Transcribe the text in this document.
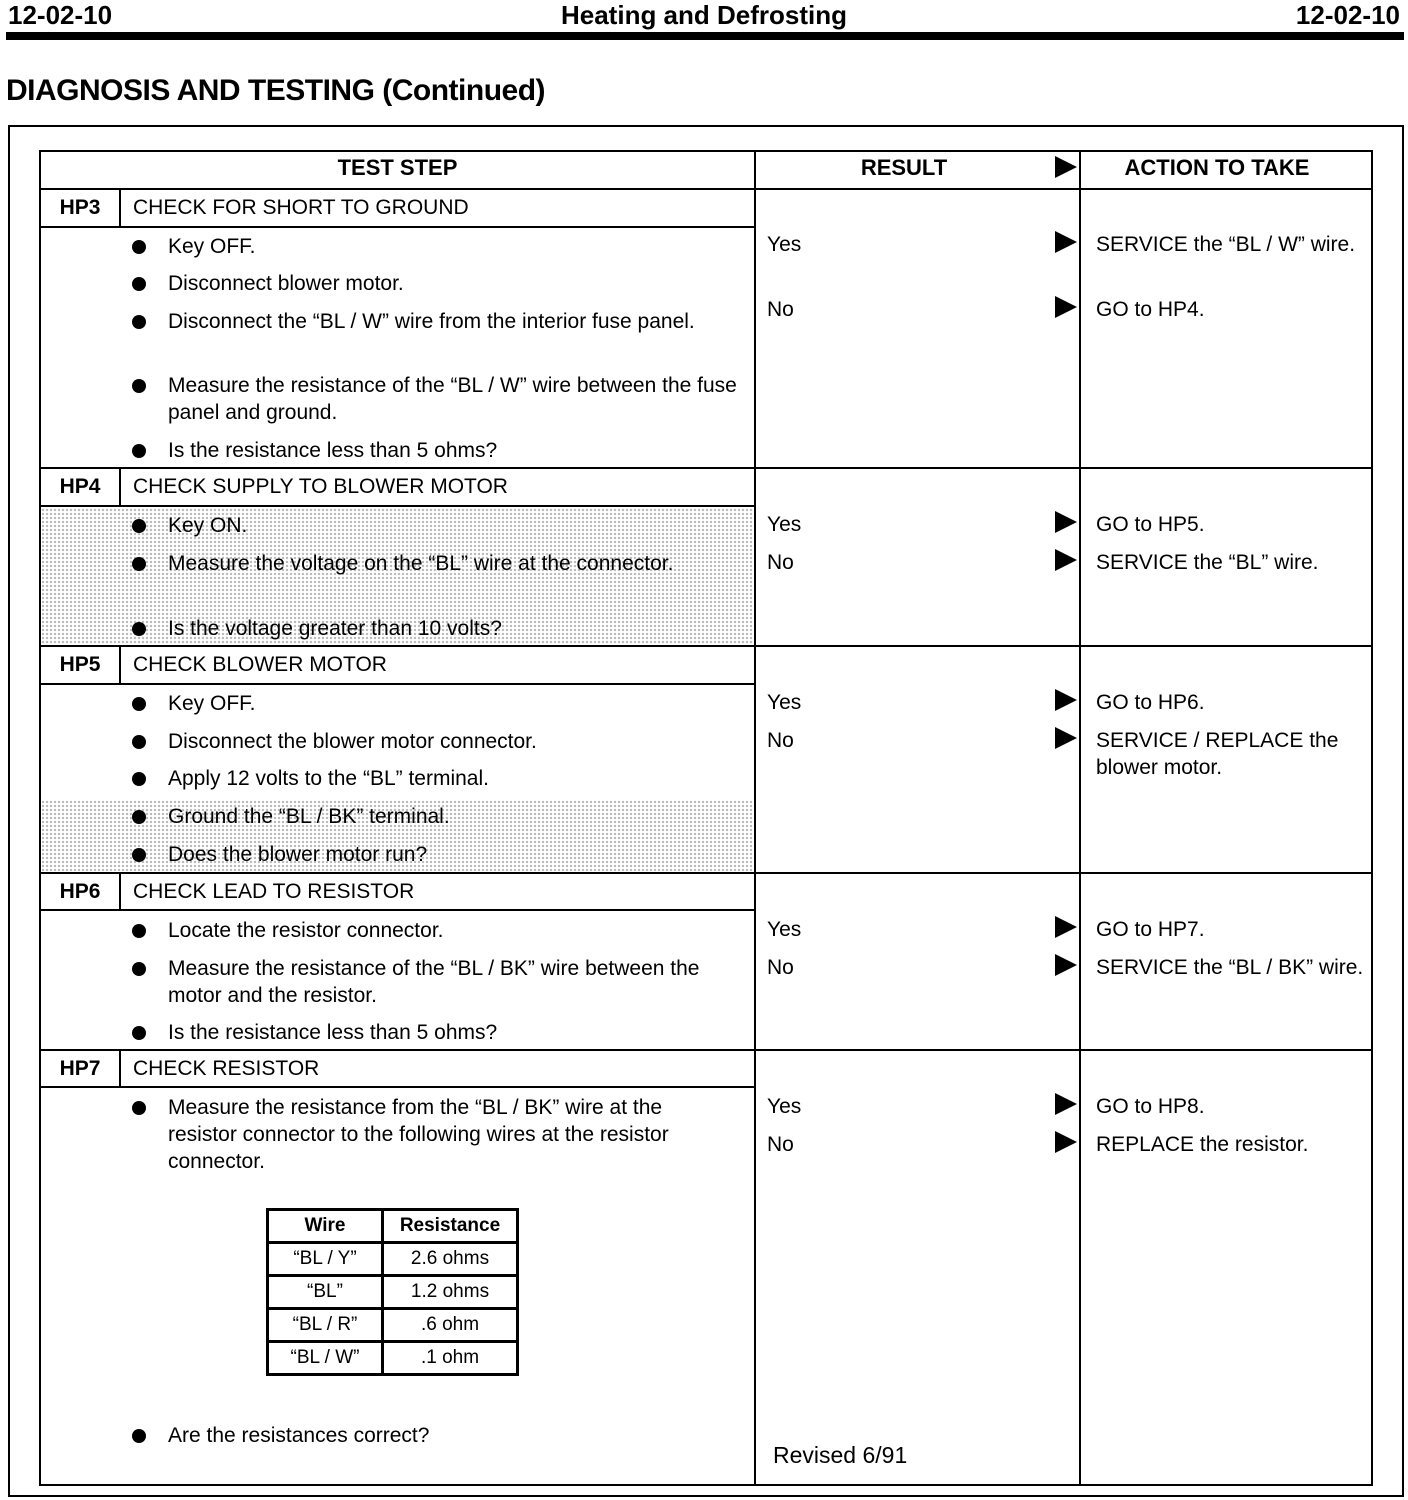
12-02-10	Heating and Defrosting	12-02-10
DIAGNOSIS AND TESTING (Continued)
TEST STEP	RESULT	ACTION TO TAKE
HP3	CHECK FOR SHORT TO GROUND
Key OFF.
Disconnect blower motor.
Disconnect the “BL / W” wire from the interior fuse panel.
Measure the resistance of the “BL / W” wire between the fuse panel and ground.
Is the resistance less than 5 ohms?
Yes	SERVICE the “BL / W” wire.
No	GO to HP4.
HP4	CHECK SUPPLY TO BLOWER MOTOR
Key ON.
Measure the voltage on the “BL” wire at the connector.
Is the voltage greater than 10 volts?
Yes	GO to HP5.
No	SERVICE the “BL” wire.
HP5	CHECK BLOWER MOTOR
Key OFF.
Disconnect the blower motor connector.
Apply 12 volts to the “BL” terminal.
Ground the “BL / BK” terminal.
Does the blower motor run?
Yes	GO to HP6.
No	SERVICE / REPLACE the blower motor.
HP6	CHECK LEAD TO RESISTOR
Locate the resistor connector.
Measure the resistance of the “BL / BK” wire between the motor and the resistor.
Is the resistance less than 5 ohms?
Yes	GO to HP7.
No	SERVICE the “BL / BK” wire.
HP7	CHECK RESISTOR
Measure the resistance from the “BL / BK” wire at the resistor connector to the following wires at the resistor connector.
Wire	Resistance
“BL / Y”	2.6 ohms
“BL”	1.2 ohms
“BL / R”	.6 ohm
“BL / W”	.1 ohm
Are the resistances correct?
Yes	GO to HP8.
No	REPLACE the resistor.
Revised 6/91
